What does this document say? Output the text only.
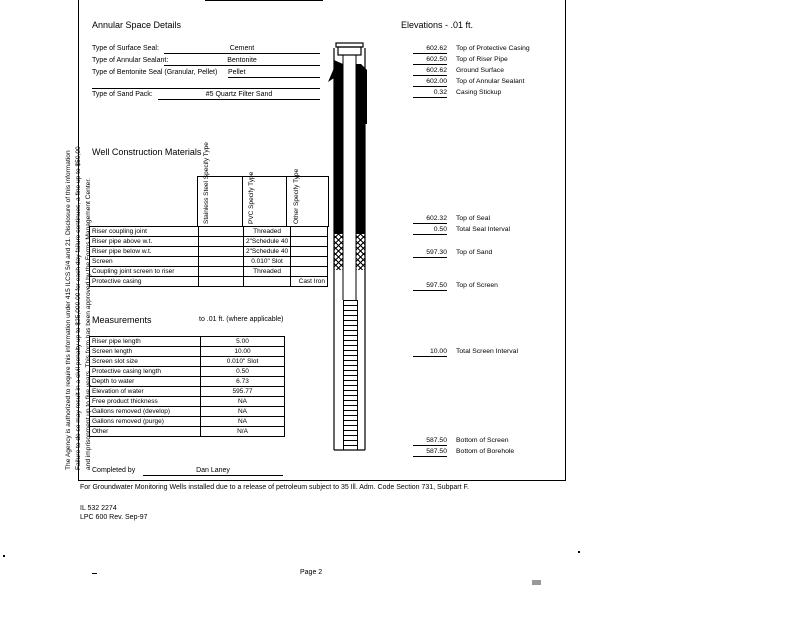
The Agency is authorized to require this information under 415 ILCS 5/4 and 21. Disclosure of this information Failure to do so may result in a civil penalty up to $25,000.00 for each day failure continues, a fine up to $50,00 and imprisonment up to five years. This form has been approved by the Forms Management Center.
Annular Space Details
Type of Surface Seal:	Cement
Type of Annular Sealant:	Bentonite
Type of Bentonite Seal (Granular, Pellet) Pellet
Type of Sand Pack:	#5 Quartz Filter Sand
Elevations - .01 ft.
602.62 Top of Protective Casing
602.50 Top of Riser Pipe
602.62 Ground Surface
602.00 Top of Annular Sealant
0.32 Casing Stickup
602.32 Top of Seal
0.50 Total Seal Interval
597.30 Top of Sand
597.50 Top of Screen
10.00 Total Screen Interval
587.50 Bottom of Screen
587.50 Bottom of Borehole
Well Construction Materials Stainless Steel Specify Type	PVC Specify Type	Other Specify Type
Riser coupling joint		Threaded	
Riser pipe above w.t.		2"Schedule 40	
Riser pipe below w.t.		2"Schedule 40	
Screen		0.010" Slot	
Coupling joint screen to riser		Threaded	
Protective casing			Cast Iron
Measurements	to .01 ft. (where applicable)
Riser pipe length	5.00
Screen length	10.00
Screen slot size	0.010" Slot
Protective casing length	0.50
Depth to water	6.73
Elevation of water	595.77
Free product thickness	NA
Gallons removed (develop)	NA
Gallons removed (purge)	NA
Other	N/A
Completed by	Dan Laney
For Groundwater Monitoring Wells installed due to a release of petroleum subject to 35 Ill. Adm. Code Section 731, Subpart F.
IL 532 2274
LPC 600 Rev. Sep-97
Page 2
